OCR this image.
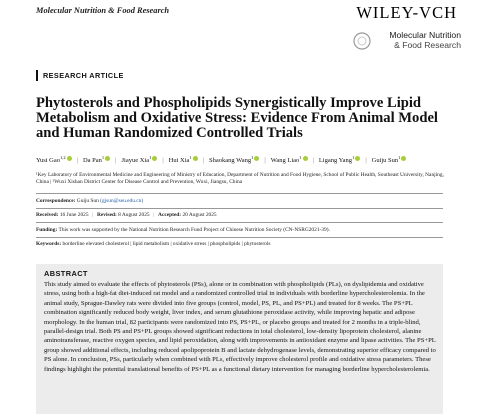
Molecular Nutrition & Food Research	WILEY-VCH
Molecular Nutrition
& Food Research
RESEARCH ARTICLE
Phytosterols and Phospholipids Synergistically Improve Lipid Metabolism and Oxidative Stress: Evidence From Animal Model and Human Randomized Controlled Trials
Yusi Gao$^{1,2}$ | Da Pan$^1$ | Jiayue Xia$^1$ | Hui Xia$^1$ | Shaokang Wang$^1$ | Wang Liao$^1$ | Ligang Yang$^1$ | Guiju Sun$^1$
¹Key Laboratory of Environmental Medicine and Engineering of Ministry of Education, Department of Nutrition and Food Hygiene, School of Public Health, Southeast University, Nanjing, China | ²Wuxi Xishan District Center for Disease Control and Prevention, Wuxi, Jiangsu, China
Correspondence: Guiju Sun (gjsun@seu.edu.cn)
Received: 16 June 2025 | Revised: 8 August 2025 | Accepted: 20 August 2025
Funding: This work was supported by the National Nutrition Research Fund Project of Chinese Nutrition Society (CN-NSRG2021-39).
Keywords: borderline elevated cholesterol | lipid metabolism | oxidative stress | phospholipids | phytosterols
ABSTRACT
This study aimed to evaluate the effects of phytosterols (PSs), alone or in combination with phospholipids (PLs), on dyslipidemia and oxidative stress, using both a high-fat diet-induced rat model and a randomized controlled trial in individuals with borderline hypercholesterolemia. In the animal study, Sprague-Dawley rats were divided into five groups (control, model, PS, PL, and PS+PL) and treated for 8 weeks. The PS+PL combination significantly reduced body weight, liver index, and serum glutathione peroxidase activity, while improving hepatic and adipose morphology. In the human trial, 82 participants were randomized into PS, PS+PL, or placebo groups and treated for 2 months in a triple-blind, parallel-design trial. Both PS and PS+PL groups showed significant reductions in total cholesterol, low-density lipoprotein cholesterol, alanine aminotransferase, reactive oxygen species, and lipid peroxidation, along with improvements in antioxidant enzyme and lipase activities. The PS+PL group showed additional effects, including reduced apolipoprotein B and lactate dehydrogenase levels, demonstrating superior efficacy compared to PS alone. In conclusion, PSs, particularly when combined with PLs, effectively improve cholesterol profile and oxidative stress parameters. These findings highlight the potential translational benefits of PS+PL as a functional dietary intervention for managing borderline hypercholesterolemia.
